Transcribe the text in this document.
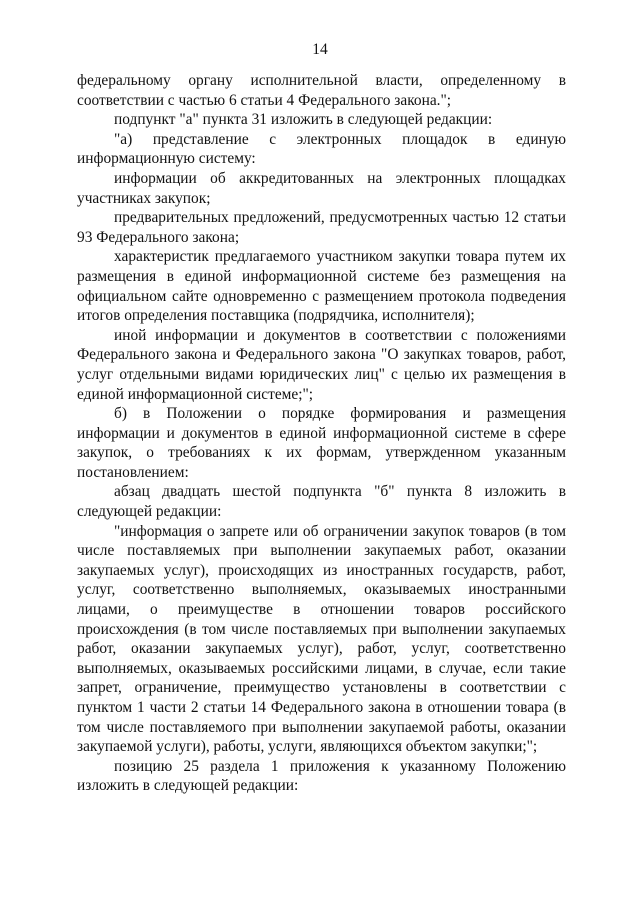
14

федеральному органу исполнительной власти, определенному в соответствии с частью 6 статьи 4 Федерального закона.";

подпункт "а" пункта 31 изложить в следующей редакции:

"а) представление с электронных площадок в единую информационную систему:

информации об аккредитованных на электронных площадках участниках закупок;

предварительных предложений, предусмотренных частью 12 статьи 93 Федерального закона;

характеристик предлагаемого участником закупки товара путем их размещения в единой информационной системе без размещения на официальном сайте одновременно с размещением протокола подведения итогов определения поставщика (подрядчика, исполнителя);

иной информации и документов в соответствии с положениями Федерального закона и Федерального закона "О закупках товаров, работ, услуг отдельными видами юридических лиц" с целью их размещения в единой информационной системе;";

б) в Положении о порядке формирования и размещения информации и документов в единой информационной системе в сфере закупок, о требованиях к их формам, утвержденном указанным постановлением:

абзац двадцать шестой подпункта "б" пункта 8 изложить в следующей редакции:

"информация о запрете или об ограничении закупок товаров (в том числе поставляемых при выполнении закупаемых работ, оказании закупаемых услуг), происходящих из иностранных государств, работ, услуг, соответственно выполняемых, оказываемых иностранными лицами, о преимуществе в отношении товаров российского происхождения (в том числе поставляемых при выполнении закупаемых работ, оказании закупаемых услуг), работ, услуг, соответственно выполняемых, оказываемых российскими лицами, в случае, если такие запрет, ограничение, преимущество установлены в соответствии с пунктом 1 части 2 статьи 14 Федерального закона в отношении товара (в том числе поставляемого при выполнении закупаемой работы, оказании закупаемой услуги), работы, услуги, являющихся объектом закупки;";

позицию 25 раздела 1 приложения к указанному Положению изложить в следующей редакции:
